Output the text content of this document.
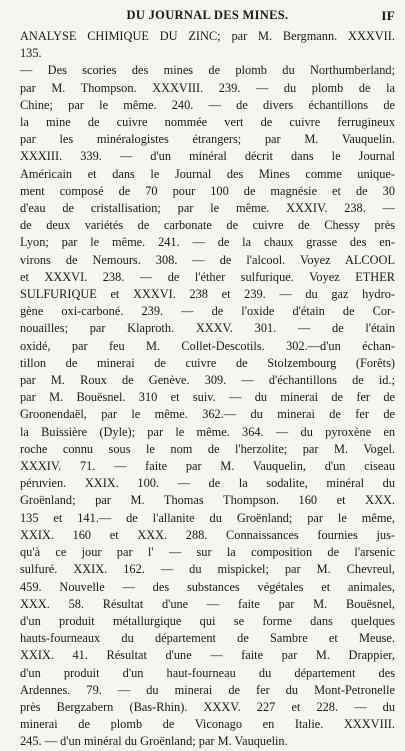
DU JOURNAL DES MINES.	IF
ANALYSE CHIMIQUE DU ZINC; par M. Bergmann. XXXVII.
135.
— Des scories des mines de plomb du Northumberland;
par M. Thompson. XXXVIII. 239. — du plomb de la
Chine; par le même. 240. — de divers échantillons de
la mine de cuivre nommée vert de cuivre ferrugineux
par les minéralogistes étrangers; par M. Vauquelin.
XXXIII. 339. — d'un minéral décrit dans le Journal
Américain et dans le Journal des Mines comme unique-
ment composé de 70 pour 100 de magnésie et de 30
d'eau de cristallisation; par le même. XXXIV. 238. —
de deux variétés de carbonate de cuivre de Chessy près
Lyon; par le même. 241. — de la chaux grasse des en-
virons de Nemours. 308. — de l'alcool. Voyez ALCOOL
et XXXVI. 238. — de l'éther sulfurique. Voyez ETHER
SULFURIQUE et XXXVI. 238 et 239. — du gaz hydro-
gène oxi-carboné. 239. — de l'oxide d'étain de Cor-
nouailles; par Klaproth. XXXV. 301. — de l'étain
oxidé, par feu M. Collet-Descotils. 302.—d'un échan-
tillon de minerai de cuivre de Stolzembourg (Forêts)
par M. Roux de Genève. 309. — d'échantillons de id.;
par M. Bouësnel. 310 et suiv. — du minerai de fer de
Groonendaël, par le même. 362.— du minerai de fer de
la Buissière (Dyle); par le même. 364. — du pyroxène en
roche connu sous le nom de l'herzolite; par M. Vogel.
XXXIV. 71. — faite par M. Vauquelin, d'un ciseau
péruvien. XXIX. 100. — de la sodalite, minéral du
Groënland; par M. Thomas Thompson. 160 et XXX.
135 et 141.— de l'allanite du Groënland; par le même,
XXIX. 160 et XXX. 288. Connaissances fournies jus-
qu'à ce jour par l' — sur la composition de l'arsenic
sulfuré. XXIX. 162. — du mispickel; par M. Chevreul,
459. Nouvelle — des substances végétales et animales,
XXX. 58. Résultat d'une — faite par M. Bouësnel,
d'un produit métallurgique qui se forme dans quelques
hauts-fourneaux du département de Sambre et Meuse.
XXIX. 41. Résultat d'une — faite par M. Drappier,
d'un produit d'un haut-fourneau du département des
Ardennes. 79. — du minerai de fer du Mont-Petronelle
près Bergzabern (Bas-Rhin). XXXV. 227 et 228. — du
minerai de plomb de Viconago en Italie. XXXVIII.
245. — d'un minéral du Groënland; par M. Vauquelin.
